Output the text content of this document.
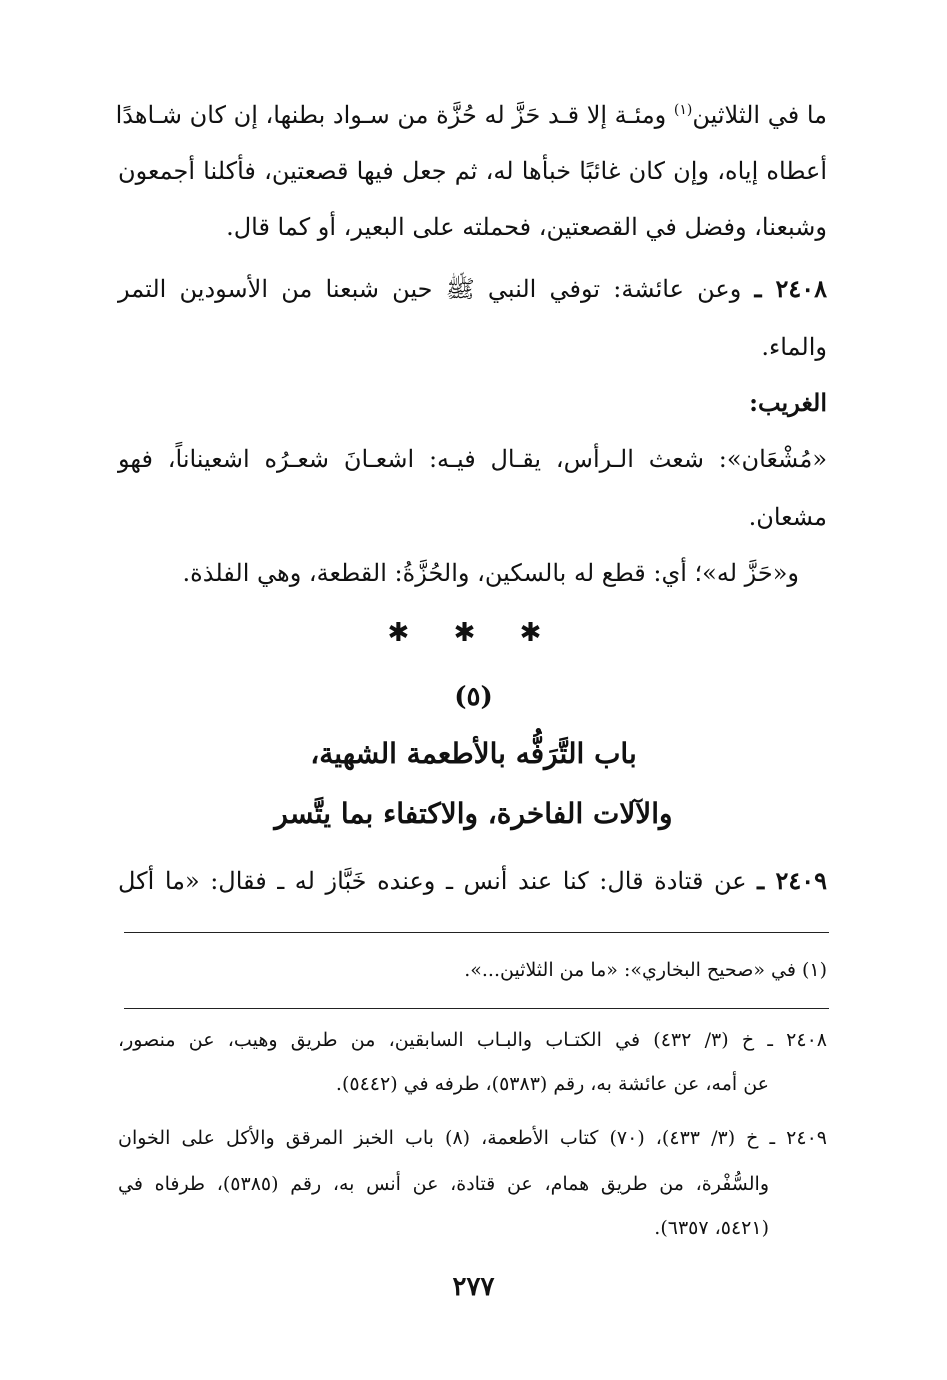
ما في الثلاثين$^{(١)}$ ومئـة إلا قـد حَزَّ له حُزَّة من سـواد بطنها، إن كان شـاهدًا
أعطاه إياه، وإن كان غائبًا خبأها له، ثم جعل فيها قصعتين، فأكلنا أجمعون
وشبعنا، وفضل في القصعتين، فحملته على البعير، أو كما قال.
٢٤٠٨ ـ وعن عائشة: توفي النبي ﷺ حين شبعنا من الأسودين التمر
والماء.
الغريب:
«مُشْعَان»: شعث الـرأس، يقـال فيـه: اشعـانَ شعـرُه اشعيناناً، فهو
مشعان.
و«حَزَّ له»؛ أي: قطع له بالسكين، والحُزَّةُ: القطعة، وهي الفلذة.
✱ ✱ ✱
(٥)
باب التَّرَفُّه بالأطعمة الشهية،
والآلات الفاخرة، والاكتفاء بما يتَّسر
٢٤٠٩ ـ عن قتادة قال: كنا عند أنس ـ وعنده خَبَّاز له ـ فقال: «ما أكل
(١) في «صحيح البخاري»: «ما من الثلاثين...».
٢٤٠٨ ـ خ (٣/ ٤٣٢) في الكتـاب والبـاب السابقين، من طريق وهيب، عن منصور،
عن أمه، عن عائشة به، رقم (٥٣٨٣)، طرفه في (٥٤٤٢).
٢٤٠٩ ـ خ (٣/ ٤٣٣)، (٧٠) كتاب الأطعمة، (٨) باب الخبز المرقق والأكل على الخوان
والسُّفْرة، من طريق همام، عن قتادة، عن أنس به، رقم (٥٣٨٥)، طرفاه في
(٥٤٢١، ٦٣٥٧).
٢٧٧
